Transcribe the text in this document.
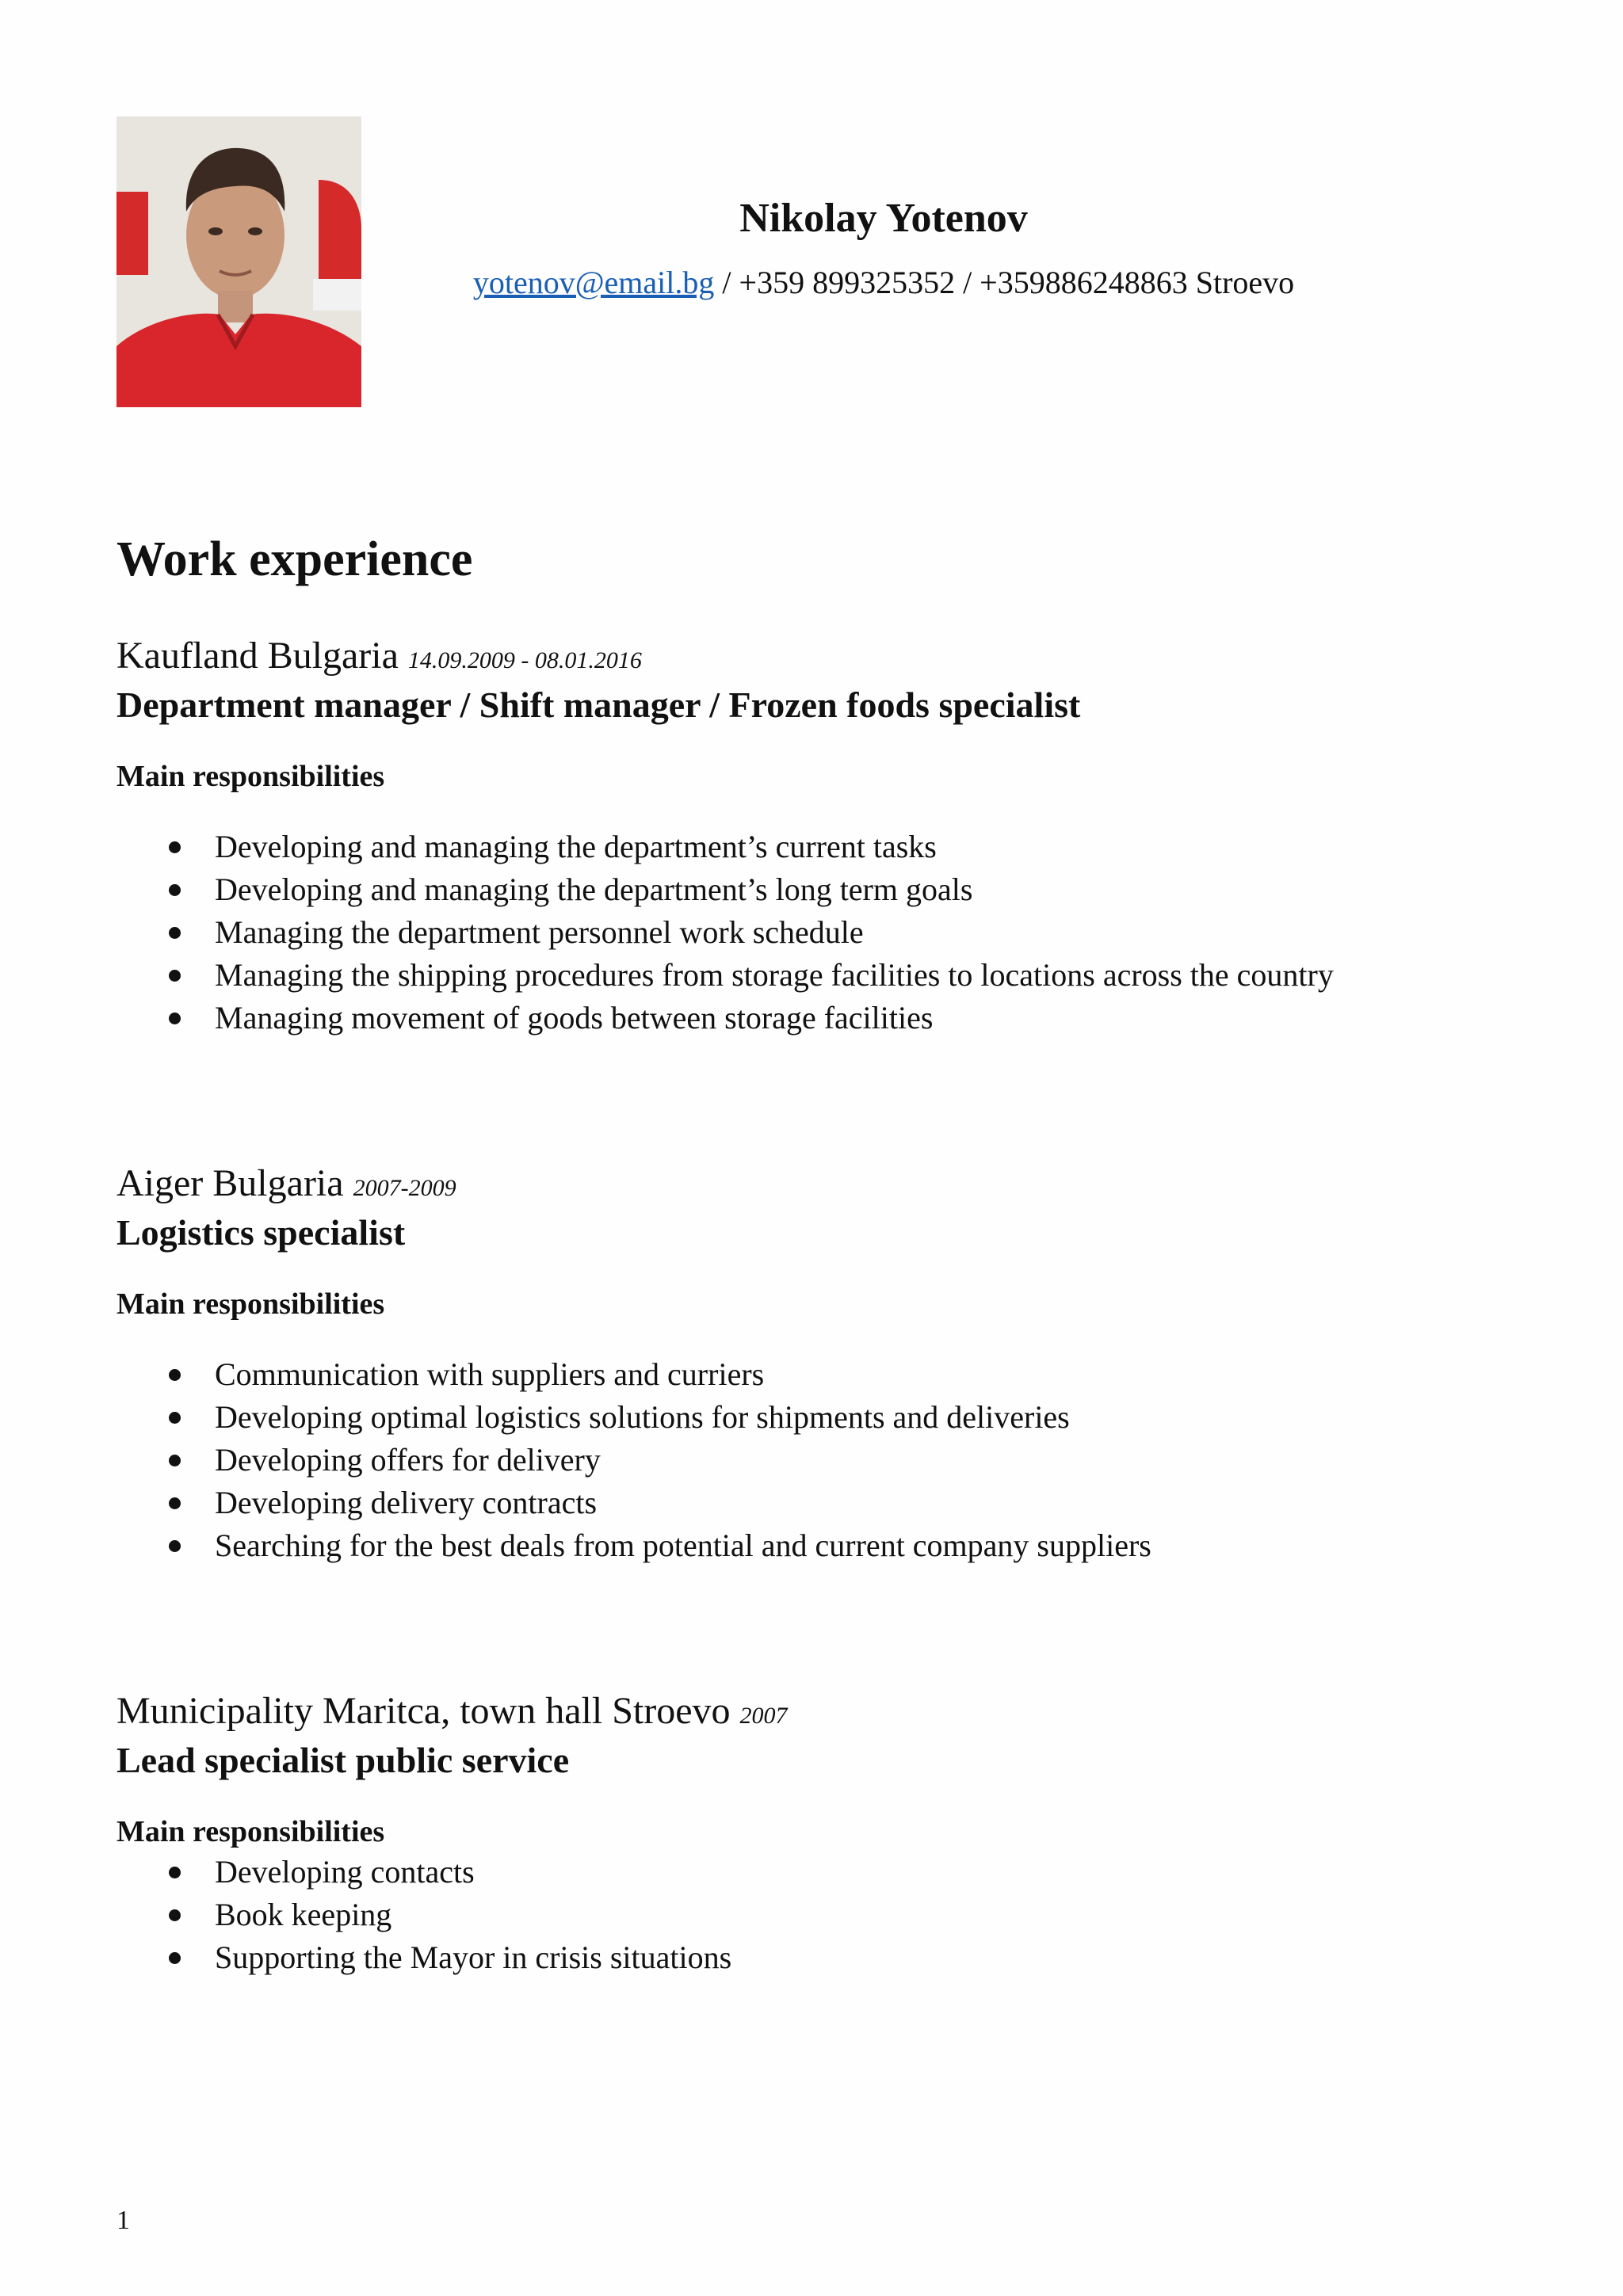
Nikolay Yotenov
yotenov@email.bg / +359 899325352 / +359886248863 Stroevo
Work experience
Kaufland Bulgaria 14.09.2009 - 08.01.2016
Department manager / Shift manager / Frozen foods specialist
Main responsibilities
Developing and managing the department’s current tasks
Developing and managing the department’s long term goals
Managing the department personnel work schedule
Managing the shipping procedures from storage facilities to locations across the country
Managing movement of goods between storage facilities
Aiger Bulgaria 2007-2009
Logistics specialist
Main responsibilities
Communication with suppliers and curriers
Developing optimal logistics solutions for shipments and deliveries
Developing offers for delivery
Developing delivery contracts
Searching for the best deals from potential and current company suppliers
Municipality Maritca, town hall Stroevo 2007
Lead specialist public service
Main responsibilities
Developing contacts
Book keeping
Supporting the Mayor in crisis situations
1
